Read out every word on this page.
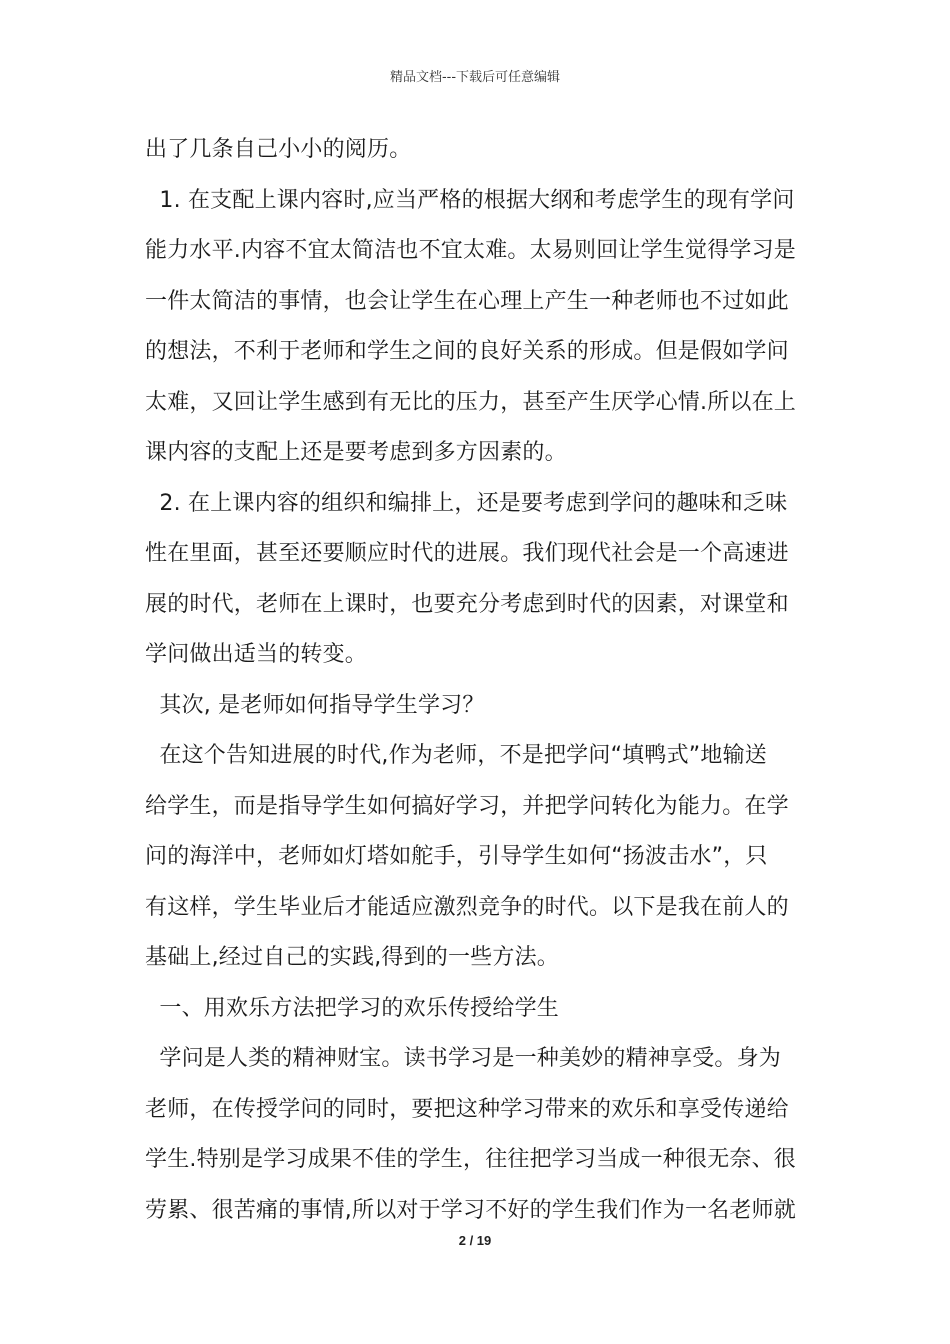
精品文档---下载后可任意编辑
出了几条自己小小的阅历。
1. 在支配上课内容时,应当严格的根据大纲和考虑学生的现有学问
能力水平.内容不宜太简洁也不宜太难。太易则回让学生觉得学习是
一件太简洁的事情，也会让学生在心理上产生一种老师也不过如此
的想法，不利于老师和学生之间的良好关系的形成。但是假如学问
太难，又回让学生感到有无比的压力，甚至产生厌学心情.所以在上
课内容的支配上还是要考虑到多方因素的。
2. 在上课内容的组织和编排上，还是要考虑到学问的趣味和乏味
性在里面，甚至还要顺应时代的进展。我们现代社会是一个高速进
展的时代，老师在上课时，也要充分考虑到时代的因素，对课堂和
学问做出适当的转变。
其次, 是老师如何指导学生学习？
在这个告知进展的时代,作为老师，不是把学问“填鸭式”地输送
给学生，而是指导学生如何搞好学习，并把学问转化为能力。在学
问的海洋中，老师如灯塔如舵手，引导学生如何“扬波击水”，只
有这样，学生毕业后才能适应激烈竞争的时代。以下是我在前人的
基础上,经过自己的实践,得到的一些方法。
一、用欢乐方法把学习的欢乐传授给学生
学问是人类的精神财宝。读书学习是一种美妙的精神享受。身为
老师，在传授学问的同时，要把这种学习带来的欢乐和享受传递给
学生.特别是学习成果不佳的学生，往往把学习当成一种很无奈、很
劳累、很苦痛的事情,所以对于学习不好的学生我们作为一名老师就
2 / 19
